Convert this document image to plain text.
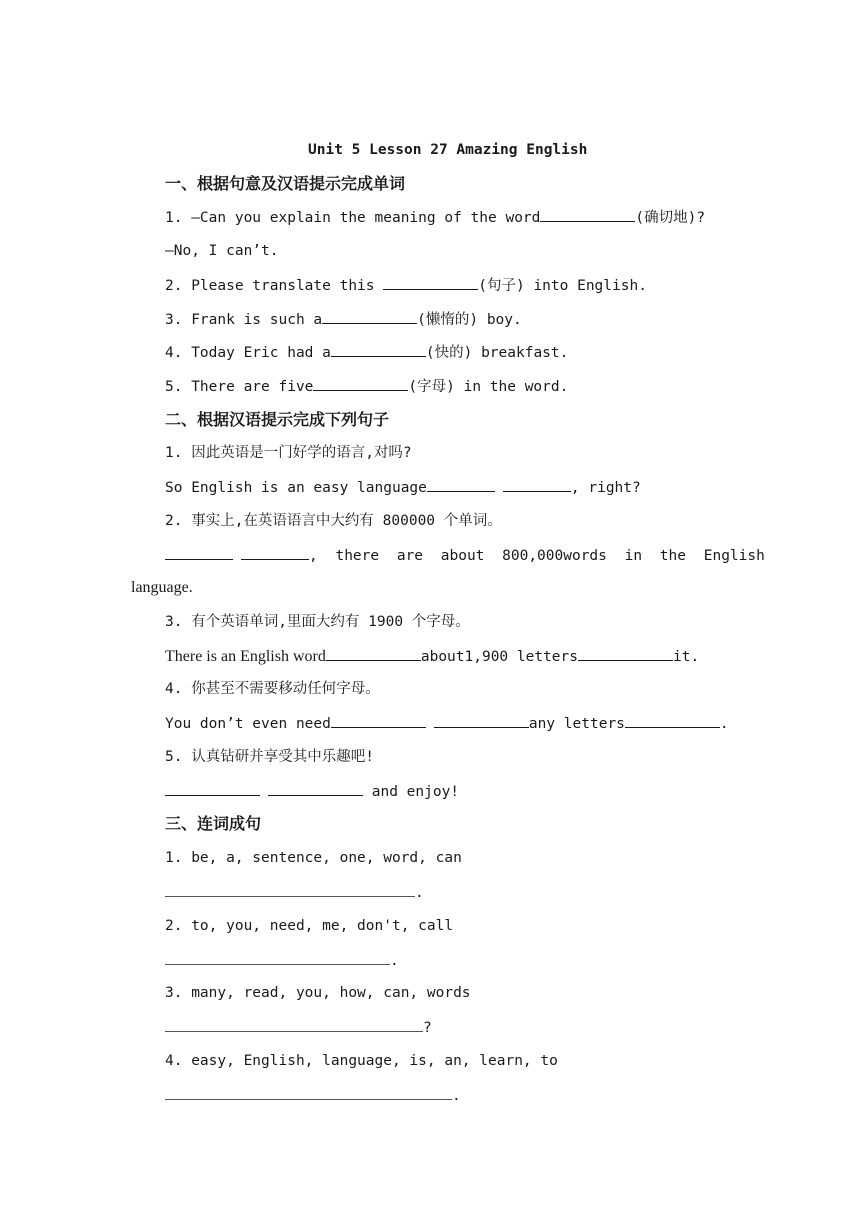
Unit 5 Lesson 27 Amazing English
一、根据句意及汉语提示完成单词
1. —Can you explain the meaning of the word	(确切地)?
—No, I can’t.
2. Please translate this	(句子) into English.
3. Frank is such a	(懒惰的) boy.
4. Today Eric had a	(快的) breakfast.
5. There are five	(字母) in the word.
二、根据汉语提示完成下列句子
1. 因此英语是一门好学的语言,对吗?
So English is an easy language	, right?
2. 事实上,在英语语言中大约有 800000 个单词。
, there are about 800,000words in the English
language.
3. 有个英语单词,里面大约有 1900 个字母。
There is an English word	about1,900 letters	it.
4. 你甚至不需要移动任何字母。
You don’t even need	any letters	.
5. 认真钻研并享受其中乐趣吧!
and enjoy!
三、连词成句
1. be, a, sentence, one, word, can
.
2. to, you, need, me, don't, call
.
3. many, read, you, how, can, words
?
4. easy, English, language, is, an, learn, to
.
